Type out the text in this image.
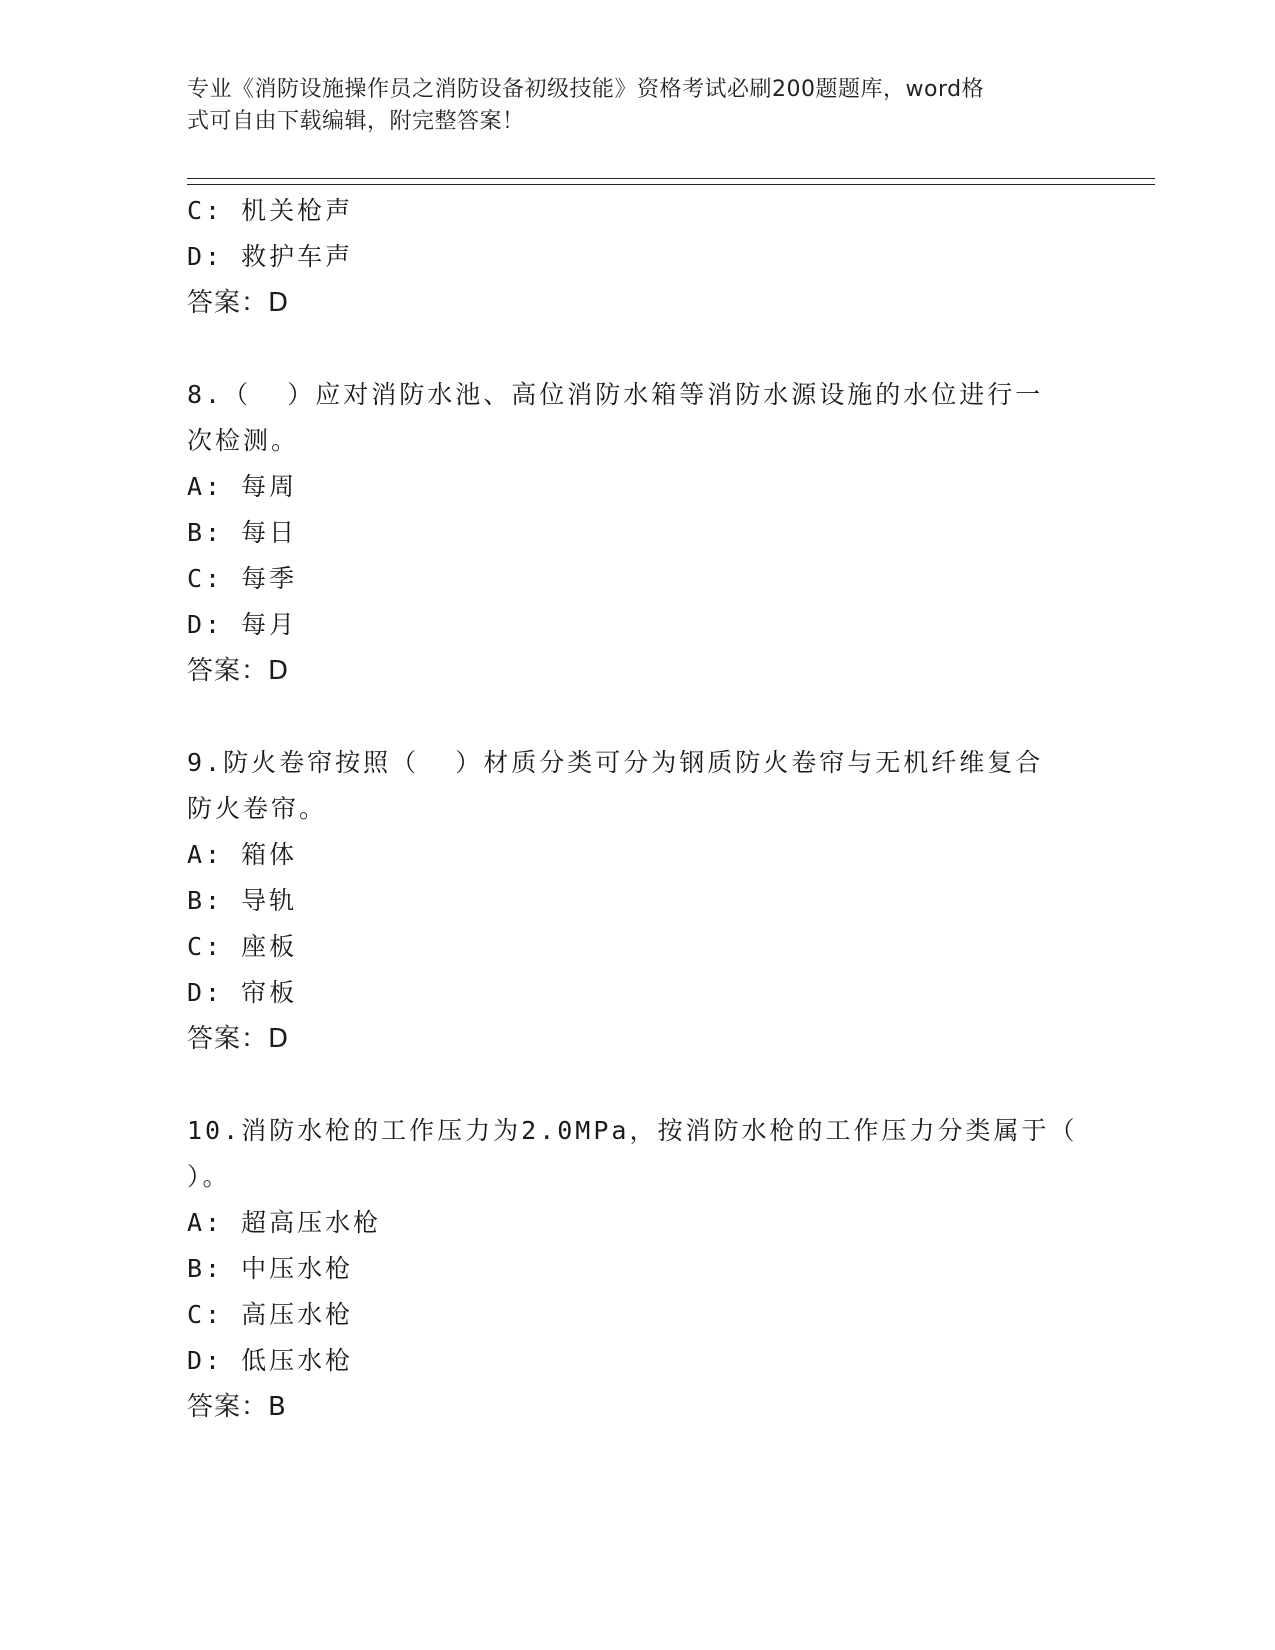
专业《消防设施操作员之消防设备初级技能》资格考试必刷200题题库，word格
式可自由下载编辑，附完整答案！
C: 机关枪声
D: 救护车声
答案：D
8.（  ）应对消防水池、高位消防水箱等消防水源设施的水位进行一
次检测。
A: 每周
B: 每日
C: 每季
D: 每月
答案：D
9.防火卷帘按照（  ）材质分类可分为钢质防火卷帘与无机纤维复合
防火卷帘。
A: 箱体
B: 导轨
C: 座板
D: 帘板
答案：D
10.消防水枪的工作压力为2.0MPa，按消防水枪的工作压力分类属于（
）。
A: 超高压水枪
B: 中压水枪
C: 高压水枪
D: 低压水枪
答案：B
